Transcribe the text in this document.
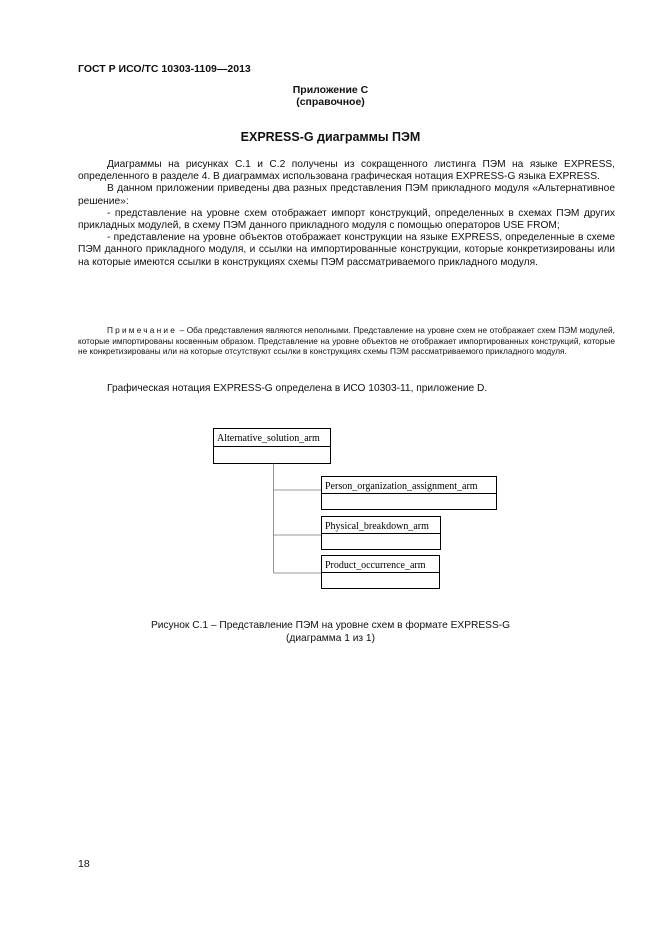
ГОСТ Р ИСО/ТС 10303-1109—2013
Приложение С
(справочное)
EXPRESS-G диаграммы ПЭМ

Диаграммы на рисунках С.1 и С.2 получены из сокращенного листинга ПЭМ на языке EXPRESS, определенного в разделе 4. В диаграммах использована графическая нотация EXPRESS-G языка EXPRESS.

В данном приложении приведены два разных представления ПЭМ прикладного модуля «Альтернативное решение»:

- представление на уровне схем отображает импорт конструкций, определенных в схемах ПЭМ других прикладных модулей, в схему ПЭМ данного прикладного модуля с помощью операторов USE FROM;

- представление на уровне объектов отображает конструкции на языке EXPRESS, определенные в схеме ПЭМ данного прикладного модуля, и ссылки на импортированные конструкции, которые конкретизированы или на которые имеются ссылки в конструкциях схемы ПЭМ рассматриваемого прикладного модуля.

Примечание – Оба представления являются неполными. Представление на уровне схем не отображает схем ПЭМ модулей, которые импортированы косвенным образом. Представление на уровне объектов не отображает импортированных конструкций, которые не конкретизированы или на которые отсутствуют ссылки в конструкциях схемы ПЭМ рассматриваемого прикладного модуля.

Графическая нотация EXPRESS-G определена в ИСО 10303-11, приложение D.

Alternative_solution_arm
Person_organization_assignment_arm
Physical_breakdown_arm
Product_occurrence_arm
Рисунок С.1 – Представление ПЭМ на уровне схем в формате EXPRESS-G
(диаграмма 1 из 1)
18
